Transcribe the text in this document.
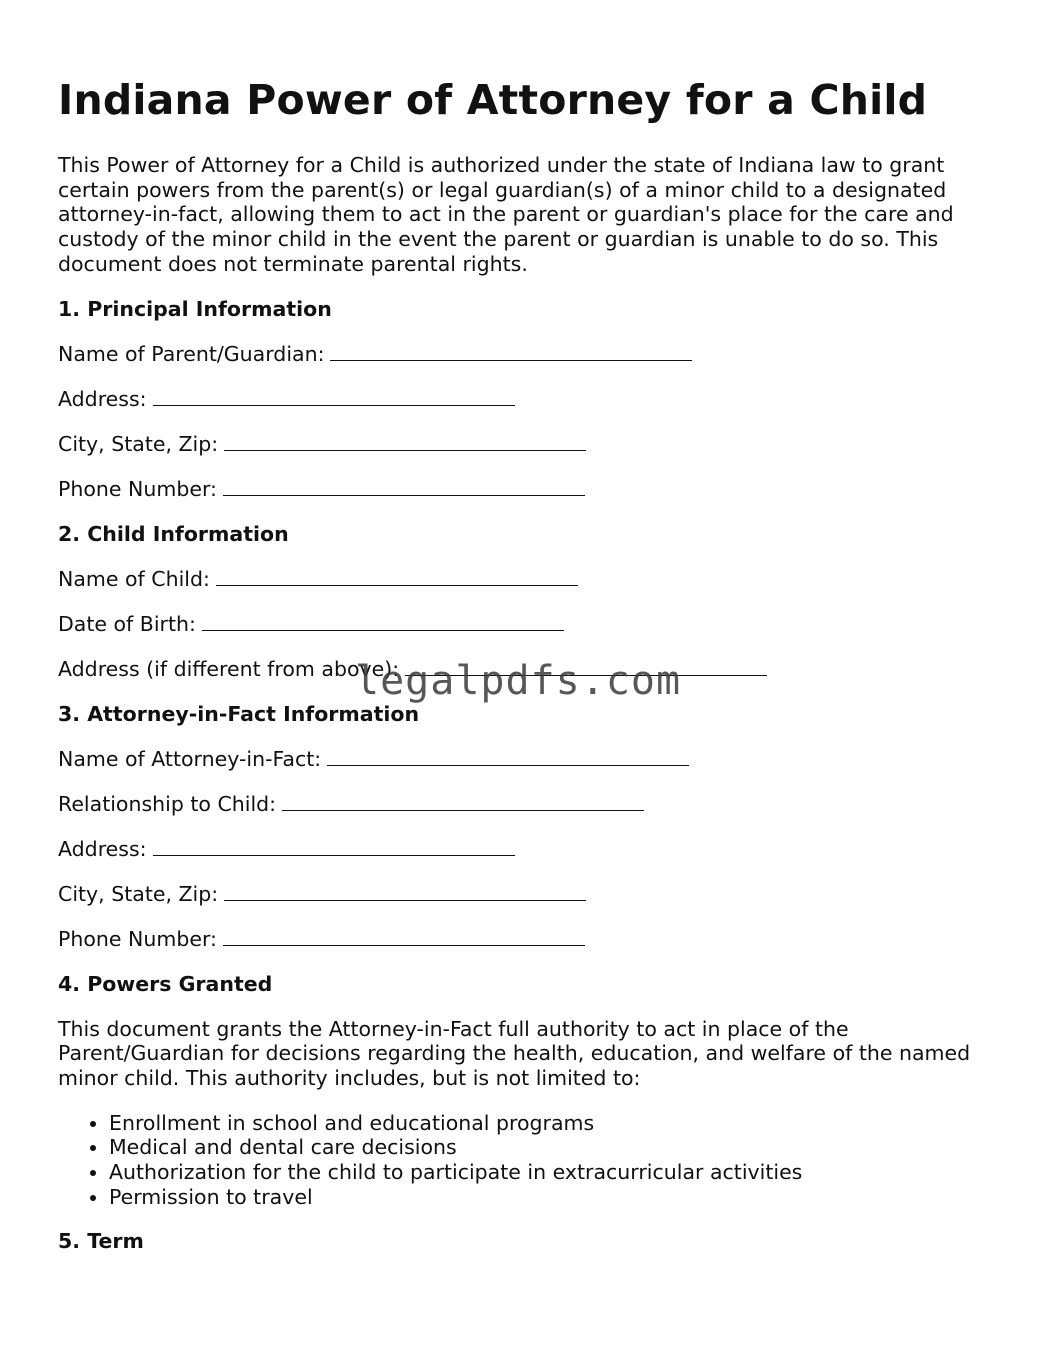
Indiana Power of Attorney for a Child

This Power of Attorney for a Child is authorized under the state of Indiana law to grant certain powers from the parent(s) or legal guardian(s) of a minor child to a designated attorney-in-fact, allowing them to act in the parent or guardian's place for the care and custody of the minor child in the event the parent or guardian is unable to do so. This document does not terminate parental rights.

1. Principal Information
Name of Parent/Guardian:
Address:
City, State, Zip:
Phone Number:
2. Child Information
Name of Child:
Date of Birth:
Address (if different from above):
3. Attorney-in-Fact Information
Name of Attorney-in-Fact:
Relationship to Child:
Address:
City, State, Zip:
Phone Number:
4. Powers Granted

This document grants the Attorney-in-Fact full authority to act in place of the Parent/Guardian for decisions regarding the health, education, and welfare of the named minor child. This authority includes, but is not limited to:

• Enrollment in school and educational programs
• Medical and dental care decisions
• Authorization for the child to participate in extracurricular activities
• Permission to travel
5. Term
legalpdfs.com
